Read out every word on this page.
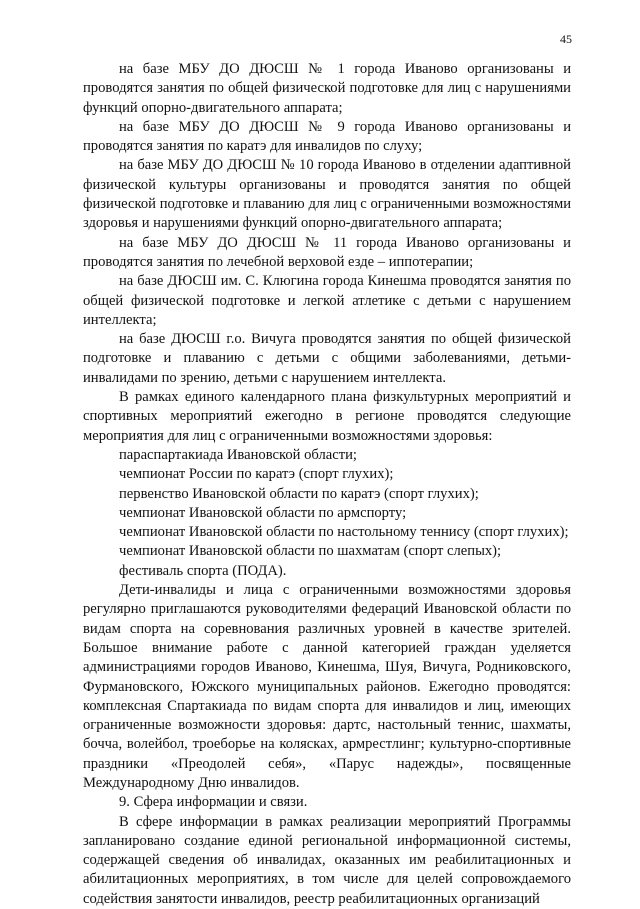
45

на базе МБУ ДО ДЮСШ № 1 города Иваново организованы и проводятся занятия по общей физической подготовке для лиц с нарушениями функций опорно-двигательного аппарата;

на базе МБУ ДО ДЮСШ № 9 города Иваново организованы и проводятся занятия по каратэ для инвалидов по слуху;

на базе МБУ ДО ДЮСШ № 10 города Иваново в отделении адаптивной физической культуры организованы и проводятся занятия по общей физической подготовке и плаванию для лиц с ограниченными возможностями здоровья и нарушениями функций опорно-двигательного аппарата;

на базе МБУ ДО ДЮСШ № 11 города Иваново организованы и проводятся занятия по лечебной верховой езде – иппотерапии;

на базе ДЮСШ им. С. Клюгина города Кинешма проводятся занятия по общей физической подготовке и легкой атлетике с детьми с нарушением интеллекта;

на базе ДЮСШ г.о. Вичуга проводятся занятия по общей физической подготовке и плаванию с детьми с общими заболеваниями, детьми-инвалидами по зрению, детьми с нарушением интеллекта.

В рамках единого календарного плана физкультурных мероприятий и спортивных мероприятий ежегодно в регионе проводятся следующие мероприятия для лиц с ограниченными возможностями здоровья:

параспартакиада Ивановской области;

чемпионат России по каратэ (спорт глухих);

первенство Ивановской области по каратэ (спорт глухих);

чемпионат Ивановской области по армспорту;

чемпионат Ивановской области по настольному теннису (спорт глухих);

чемпионат Ивановской области по шахматам (спорт слепых);

фестиваль спорта (ПОДА).

Дети-инвалиды и лица с ограниченными возможностями здоровья регулярно приглашаются руководителями федераций Ивановской области по видам спорта на соревнования различных уровней в качестве зрителей. Большое внимание работе с данной категорией граждан уделяется администрациями городов Иваново, Кинешма, Шуя, Вичуга, Родниковского, Фурмановского, Южского муниципальных районов. Ежегодно проводятся: комплексная Спартакиада по видам спорта для инвалидов и лиц, имеющих ограниченные возможности здоровья: дартс, настольный теннис, шахматы, бочча, волейбол, троеборье на колясках, армрестлинг; культурно-спортивные праздники «Преодолей себя», «Парус надежды», посвященные Международному Дню инвалидов.

9. Сфера информации и связи.

В сфере информации в рамках реализации мероприятий Программы запланировано создание единой региональной информационной системы, содержащей сведения об инвалидах, оказанных им реабилитационных и абилитационных мероприятиях, в том числе для целей сопровождаемого содействия занятости инвалидов, реестр реабилитационных организаций
